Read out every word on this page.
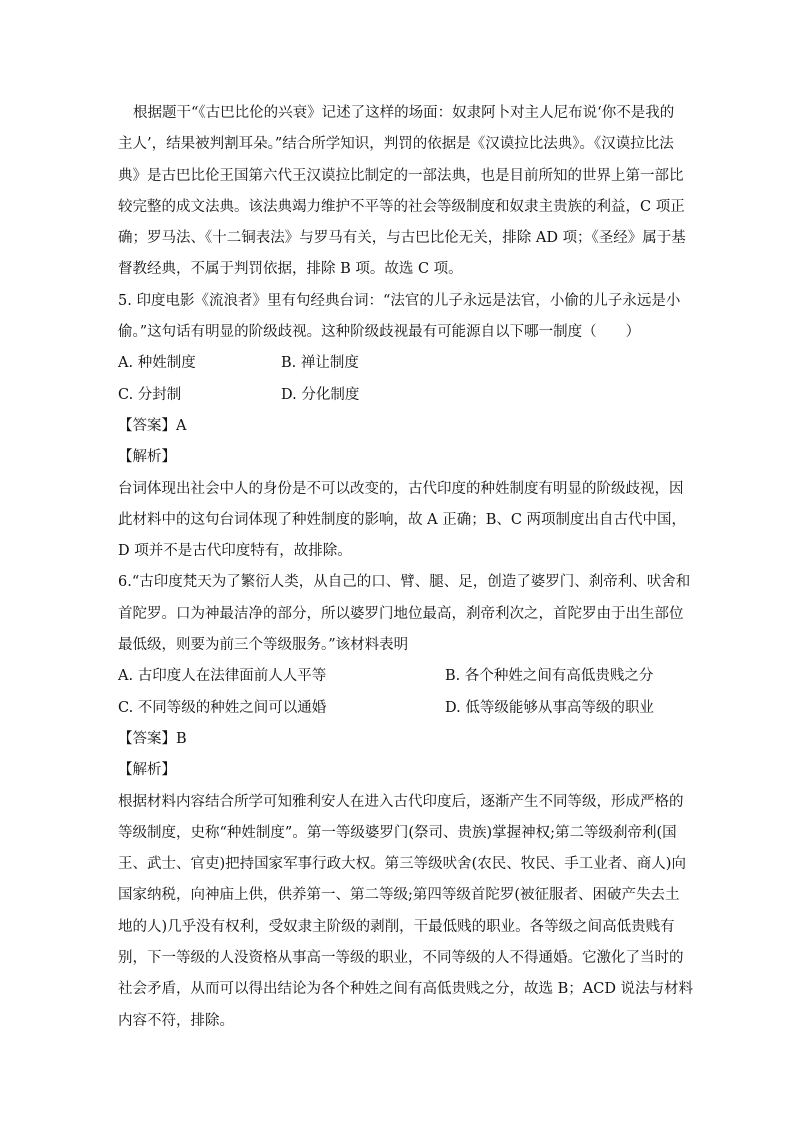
根据题干“《古巴比伦的兴衰》记述了这样的场面：奴隶阿卜对主人尼布说‘你不是我的
主人’，结果被判割耳朵。”结合所学知识，判罚的依据是《汉谟拉比法典》。《汉谟拉比法
典》是古巴比伦王国第六代王汉谟拉比制定的一部法典，也是目前所知的世界上第一部比
较完整的成文法典。该法典竭力维护不平等的社会等级制度和奴隶主贵族的利益，C 项正
确；罗马法、《十二铜表法》与罗马有关，与古巴比伦无关，排除 AD 项；《圣经》属于基
督教经典，不属于判罚依据，排除 B 项。故选 C 项。
5. 印度电影《流浪者》里有句经典台词：“法官的儿子永远是法官，小偷的儿子永远是小
偷。”这句话有明显的阶级歧视。这种阶级歧视最有可能源自以下哪一制度（　　）
A. 种姓制度	B. 禅让制度
C. 分封制	D. 分化制度
【答案】A
【解析】
台词体现出社会中人的身份是不可以改变的，古代印度的种姓制度有明显的阶级歧视，因
此材料中的这句台词体现了种姓制度的影响，故 A 正确；B、C 两项制度出自古代中国，
D 项并不是古代印度特有，故排除。
6.“古印度梵天为了繁衍人类，从自己的口、臂、腿、足，创造了婆罗门、刹帝利、吠舍和
首陀罗。口为神最洁净的部分，所以婆罗门地位最高，刹帝利次之，首陀罗由于出生部位
最低级，则要为前三个等级服务。”该材料表明
A. 古印度人在法律面前人人平等	B. 各个种姓之间有高低贵贱之分
C. 不同等级的种姓之间可以通婚	D. 低等级能够从事高等级的职业
【答案】B
【解析】
根据材料内容结合所学可知雅利安人在进入古代印度后，逐渐产生不同等级，形成严格的
等级制度，史称“种姓制度”。第一等级婆罗门(祭司、贵族)掌握神权;第二等级刹帝利(国
王、武士、官吏)把持国家军事行政大权。第三等级吠舍(农民、牧民、手工业者、商人)向
国家纳税，向神庙上供，供养第一、第二等级;第四等级首陀罗(被征服者、困破产失去土
地的人)几乎没有权利，受奴隶主阶级的剥削，干最低贱的职业。各等级之间高低贵贱有
别，下一等级的人没资格从事高一等级的职业，不同等级的人不得通婚。它激化了当时的
社会矛盾，从而可以得出结论为各个种姓之间有高低贵贱之分，故选 B；ACD 说法与材料
内容不符，排除。
